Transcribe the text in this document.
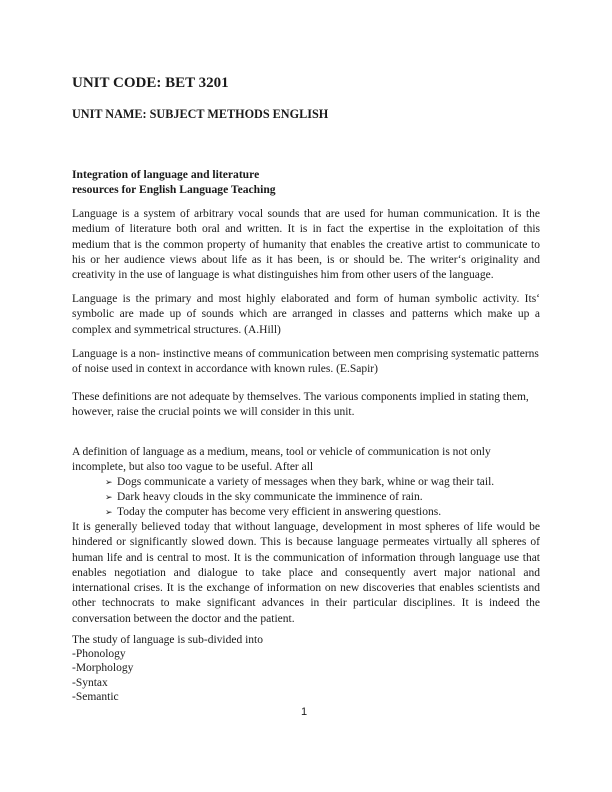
UNIT CODE: BET 3201
UNIT NAME: SUBJECT METHODS ENGLISH
Integration of language and literature
resources for English Language Teaching
Language is a system of arbitrary vocal sounds that are used for human communication. It is the medium of literature both oral and written. It is in fact the expertise in the exploitation of this medium that is the common property of humanity that enables the creative artist to communicate to his or her audience views about life as it has been, is or should be. The writer‘s originality and creativity in the use of language is what distinguishes him from other users of the language.
Language is the primary and most highly elaborated and form of human symbolic activity. Its‘ symbolic are made up of sounds which are arranged in classes and patterns which make up a complex and symmetrical structures. (A.Hill)
Language is a non- instinctive means of communication between men comprising systematic patterns of noise used in context in accordance with known rules. (E.Sapir)
These definitions are not adequate by themselves. The various components implied in stating them, however, raise the crucial points we will consider in this unit.
A definition of language as a medium, means, tool or vehicle of communication is not only incomplete, but also too vague to be useful. After all
➢ Dogs communicate a variety of messages when they bark, whine or wag their tail.
➢ Dark heavy clouds in the sky communicate the imminence of rain.
➢ Today the computer has become very efficient in answering questions.
It is generally believed today that without language, development in most spheres of life would be hindered or significantly slowed down. This is because language permeates virtually all spheres of human life and is central to most. It is the communication of information through language use that enables negotiation and dialogue to take place and consequently avert major national and international crises. It is the exchange of information on new discoveries that enables scientists and other technocrats to make significant advances in their particular disciplines. It is indeed the conversation between the doctor and the patient.
The study of language is sub-divided into
-Phonology
-Morphology
-Syntax
-Semantic
1
